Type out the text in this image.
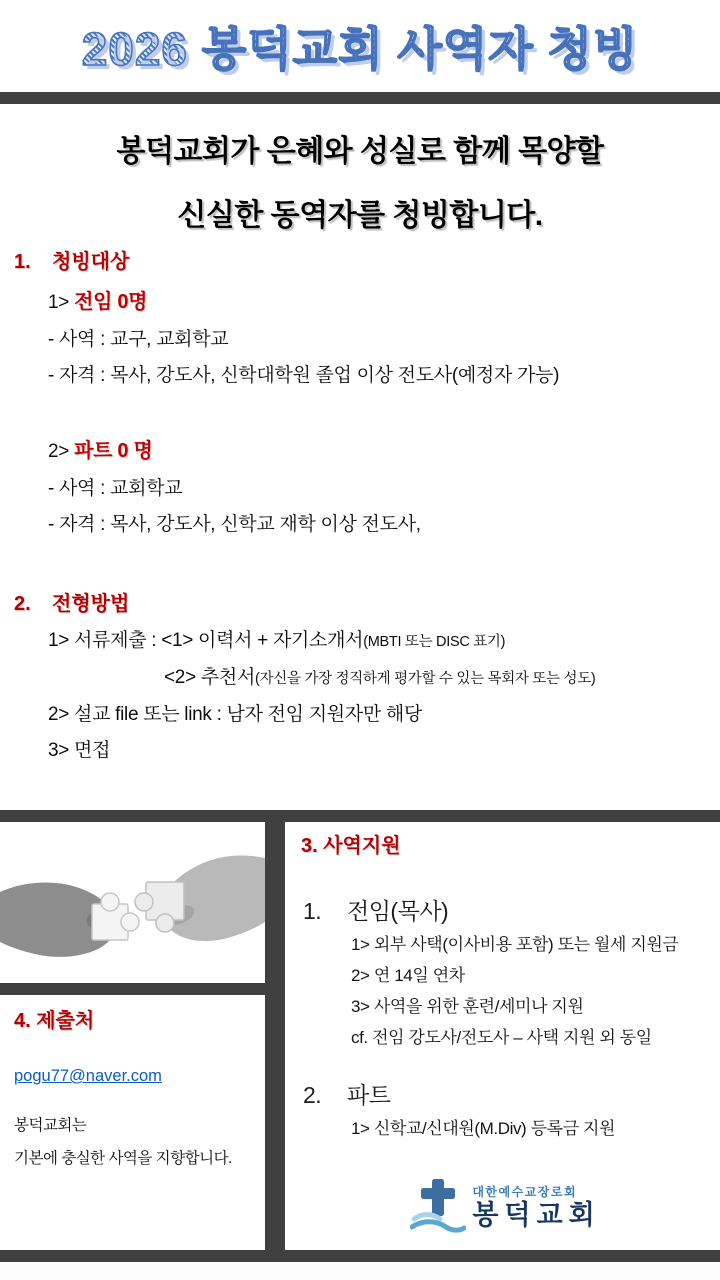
2026 봉덕교회 사역자 청빙
봉덕교회가 은혜와 성실로 함께 목양할
신실한 동역자를 청빙합니다.
1. 청빙대상
1> 전임 0명
- 사역 : 교구, 교회학교
- 자격 : 목사, 강도사, 신학대학원 졸업 이상 전도사(예정자 가능)
2> 파트 0 명
- 사역 : 교회학교
- 자격 : 목사, 강도사, 신학교 재학 이상 전도사,
2. 전형방법
1> 서류제출 : <1> 이력서 + 자기소개서(MBTI 또는 DISC 표기)
<2> 추천서(자신을 가장 정직하게 평가할 수 있는 목회자 또는 성도)
2> 설교 file 또는 link : 남자 전임 지원자만 해당
3> 면접
4. 제출처
pogu77@naver.com
봉덕교회는
기본에 충실한 사역을 지향합니다.
3. 사역지원
1. 전임(목사)
1> 외부 사택(이사비용 포함) 또는 월세 지원금
2> 연 14일 연차
3> 사역을 위한 훈련/세미나 지원
cf. 전임 강도사/전도사 – 사택 지원 외 동일
2. 파트
1> 신학교/신대원(M.Div) 등록금 지원
대한예수교장로회
봉덕교회
